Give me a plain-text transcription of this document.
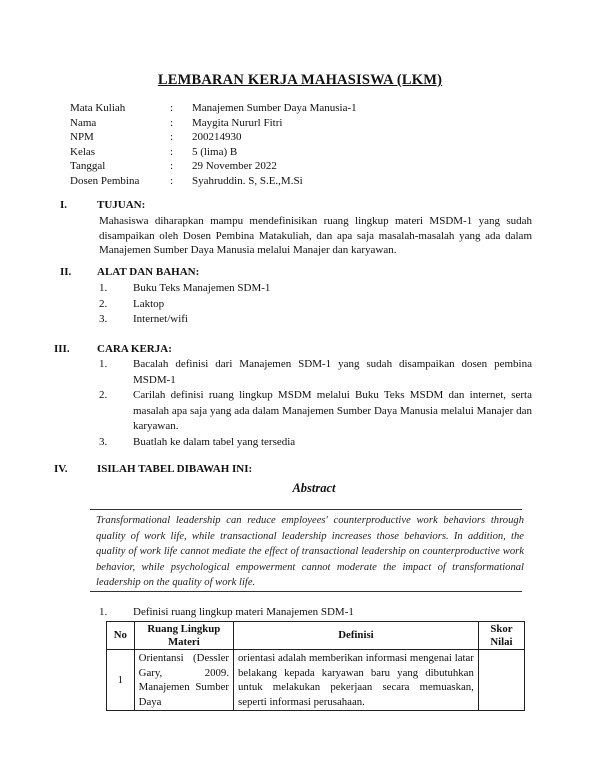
LEMBARAN KERJA MAHASISWA (LKM)
Mata Kuliah	:	Manajemen Sumber Daya Manusia-1
Nama	:	Maygita Nururl Fitri
NPM	:	200214930
Kelas	:	5 (lima) B
Tanggal	:	29 November 2022
Dosen Pembina	:	Syahruddin. S, S.E.,M.Si
I.	TUJUAN:
Mahasiswa diharapkan mampu mendefinisikan ruang lingkup materi MSDM-1 yang sudah disampaikan oleh Dosen Pembina Matakuliah, dan apa saja masalah-masalah yang ada dalam Manajemen Sumber Daya Manusia melalui Manajer dan karyawan.
II. ALAT DAN BAHAN:
1.	Buku Teks Manajemen SDM-1
2.	Laktop
3.	Internet/wifi
III. CARA KERJA:
1.	Bacalah definisi dari Manajemen SDM-1 yang sudah disampaikan dosen pembina MSDM-1
2.	Carilah definisi ruang lingkup MSDM melalui Buku Teks MSDM dan internet, serta masalah apa saja yang ada dalam Manajemen Sumber Daya Manusia melalui Manajer dan karyawan.
3.	Buatlah ke dalam tabel yang tersedia
IV.	ISILAH TABEL DIBAWAH INI:
Abstract
Transformational leadership can reduce employees' counterproductive work behaviors through quality of work life, while transactional leadership increases those behaviors. In addition, the quality of work life cannot mediate the effect of transactional leadership on counterproductive work behavior, while psychological empowerment cannot moderate the impact of transformational leadership on the quality of work life.
1.	Definisi ruang lingkup materi Manajemen SDM-1
No	Ruang Lingkup Materi	Definisi	Skor Nilai
1	Orientansi (Dessler Gary, 2009. Manajemen Sumber Daya	orientasi adalah memberikan informasi mengenai latar belakang kepada karyawan baru yang dibutuhkan untuk melakukan pekerjaan secara memuaskan, seperti informasi perusahaan.	
